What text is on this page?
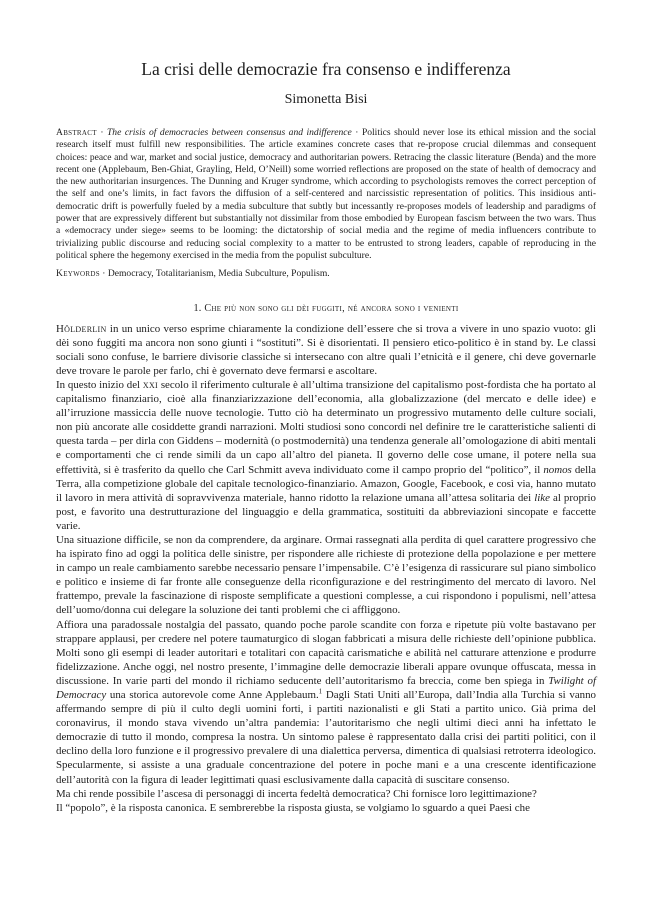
La crisi delle democrazie fra consenso e indifferenza
Simonetta Bisi
Abstract · The crisis of democracies between consensus and indifference · Politics should never lose its ethical mission and the social research itself must fulfill new responsibilities. The article examines concrete cases that re-propose crucial dilemmas and consequent choices: peace and war, market and social justice, democracy and authoritarian powers. Retracing the classic literature (Benda) and the more recent one (Applebaum, Ben-Ghiat, Grayling, Held, O’Neill) some worried reflections are proposed on the state of health of democracy and the new authoritarian insurgences. The Dunning and Kruger syndrome, which according to psychologists removes the correct perception of the self and one’s limits, in fact favors the diffusion of a self-centered and narcissistic representation of politics. This insidious anti-democratic drift is powerfully fueled by a media subculture that subtly but incessantly re-proposes models of leadership and paradigms of power that are expressively different but substantially not dissimilar from those embodied by European fascism between the two wars. Thus a «democracy under siege» seems to be looming: the dictatorship of social media and the regime of media influencers contribute to trivializing public discourse and reducing social complexity to a matter to be entrusted to strong leaders, capable of reproducing in the political sphere the hegemony exercised in the media from the populist subculture.
Keywords · Democracy, Totalitarianism, Media Subculture, Populism.
1. Che più non sono gli dèi fuggiti, né ancora sono i venienti

Hölderlin in un unico verso esprime chiaramente la condizione dell’essere che si trova a vivere in uno spazio vuoto: gli dèi sono fuggiti ma ancora non sono giunti i “sostituti”. Si è disorientati. Il pensiero etico-politico è in stand by. Le classi sociali sono confuse, le barriere divisorie classiche si intersecano con altre quali l’etnicità e il genere, chi deve governarle deve trovare le parole per farlo, chi è governato deve fermarsi e ascoltare.

In questo inizio del xxi secolo il riferimento culturale è all’ultima transizione del capitalismo post-fordista che ha portato al capitalismo finanziario, cioè alla finanziarizzazione dell’economia, alla globalizzazione (del mercato e delle idee) e all’irruzione massiccia delle nuove tecnologie. Tutto ciò ha determinato un progressivo mutamento delle culture sociali, non più ancorate alle cosiddette grandi narrazioni. Molti studiosi sono concordi nel definire tre le caratteristiche salienti di questa tarda – per dirla con Giddens – modernità (o postmodernità) una tendenza generale all’omologazione di abiti mentali e comportamenti che ci rende simili da un capo all’altro del pianeta. Il governo delle cose umane, il potere nella sua effettività, si è trasferito da quello che Carl Schmitt aveva individuato come il campo proprio del “politico”, il nomos della Terra, alla competizione globale del capitale tecnologico-finanziario. Amazon, Google, Facebook, e così via, hanno mutato il lavoro in mera attività di sopravvivenza materiale, hanno ridotto la relazione umana all’attesa solitaria dei like al proprio post, e favorito una destrutturazione del linguaggio e della grammatica, sostituiti da abbreviazioni sincopate e faccette varie.

Una situazione difficile, se non da comprendere, da arginare. Ormai rassegnati alla perdita di quel carattere progressivo che ha ispirato fino ad oggi la politica delle sinistre, per rispondere alle richieste di protezione della popolazione e per mettere in campo un reale cambiamento sarebbe necessario pensare l’impensabile. C’è l’esigenza di rassicurare sul piano simbolico e politico e insieme di far fronte alle conseguenze della riconfigurazione e del restringimento del mercato di lavoro. Nel frattempo, prevale la fascinazione di risposte semplificate a questioni complesse, a cui rispondono i populismi, nell’attesa dell’uomo/donna cui delegare la soluzione dei tanti problemi che ci affliggono.

Affiora una paradossale nostalgia del passato, quando poche parole scandite con forza e ripetute più volte bastavano per strappare applausi, per credere nel potere taumaturgico di slogan fabbricati a misura delle richieste dell’opinione pubblica. Molti sono gli esempi di leader autoritari e totalitari con capacità carismatiche e abilità nel catturare attenzione e produrre fidelizzazione. Anche oggi, nel nostro presente, l’immagine delle democrazie liberali appare ovunque offuscata, messa in discussione. In varie parti del mondo il richiamo seducente dell’autoritarismo fa breccia, come ben spiega in Twilight of Democracy una storica autorevole come Anne Applebaum.$^1$ Dagli Stati Uniti all’Europa, dall’India alla Turchia si vanno affermando sempre di più il culto degli uomini forti, i partiti nazionalisti e gli Stati a partito unico. Già prima del coronavirus, il mondo stava vivendo un’altra pandemia: l’autoritarismo che negli ultimi dieci anni ha infettato le democrazie di tutto il mondo, compresa la nostra. Un sintomo palese è rappresentato dalla crisi dei partiti politici, con il declino della loro funzione e il progressivo prevalere di una dialettica perversa, dimentica di qualsiasi retroterra ideologico. Specularmente, si assiste a una graduale concentrazione del potere in poche mani e a una crescente identificazione dell’autorità con la figura di leader legittimati quasi esclusivamente dalla capacità di suscitare consenso.

Ma chi rende possibile l’ascesa di personaggi di incerta fedeltà democratica? Chi fornisce loro legittimazione?

Il “popolo”, è la risposta canonica. E sembrerebbe la risposta giusta, se volgiamo lo sguardo a quei Paesi che
